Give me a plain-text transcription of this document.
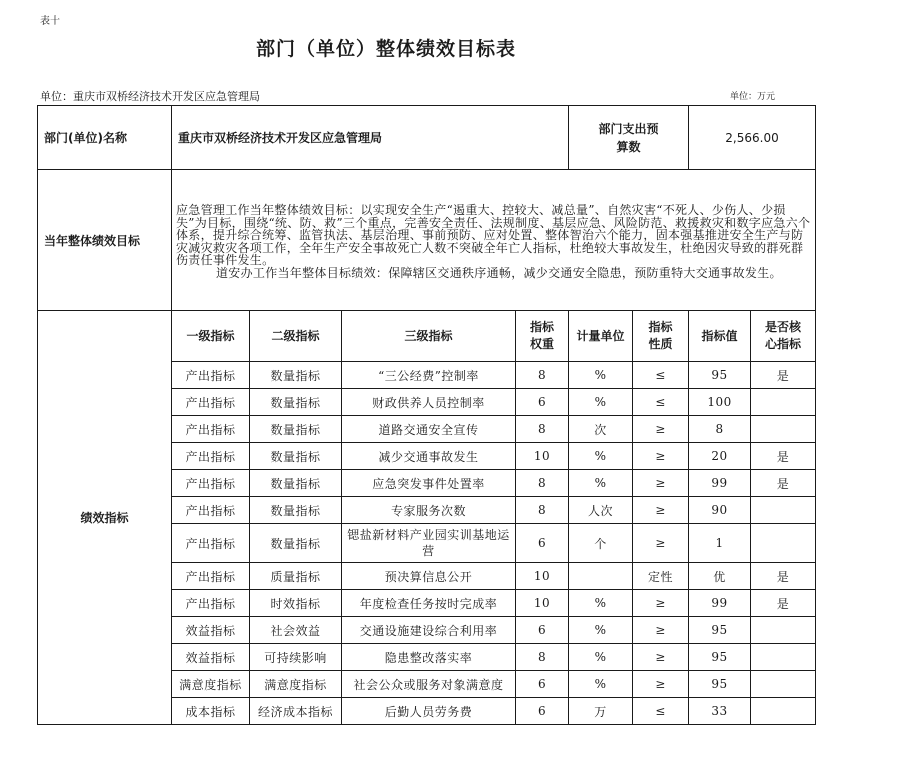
表十
部门（单位）整体绩效目标表
单位：重庆市双桥经济技术开发区应急管理局	单位：万元
部门(单位)名称	重庆市双桥经济技术开发区应急管理局				部门支出预算数		2,566.00	
当年整体绩效目标	应急管理工作当年整体绩效目标：以实现安全生产“遏重大、控较大、减总量”、自然灾害“不死人、少伤人、少损失”为目标，围绕“统、防、救”三个重点，完善安全责任、法规制度、基层应急、风险防范、救援救灾和数字应急六个体系，提升综合统筹、监管执法、基层治理、事前预防、应对处置、整体智治六个能力，固本强基推进安全生产与防灾减灾救灾各项工作，全年生产安全事故死亡人数不突破全年亡人指标，杜绝较大事故发生，杜绝因灾导致的群死群伤责任事件发生。

道安办工作当年整体目标绩效：保障辖区交通秩序通畅，减少交通安全隐患，预防重特大交通事故发生。							

绩效指标	一级指标	二级指标	三级指标	指标权重	计量单位	指标性质	指标值	是否核心指标
	产出指标	数量指标	“三公经费”控制率	8	%	≤	95	是
	产出指标	数量指标	财政供养人员控制率	6	%	≤	100	
	产出指标	数量指标	道路交通安全宣传	8	次	≥	8	
	产出指标	数量指标	减少交通事故发生	10	%	≥	20	是
	产出指标	数量指标	应急突发事件处置率	8	%	≥	99	是
	产出指标	数量指标	专家服务次数	8	人次	≥	90	
	产出指标	数量指标	锶盐新材料产业园实训基地运营	6	个	≥	1	
	产出指标	质量指标	预决算信息公开	10		定性	优	是
	产出指标	时效指标	年度检查任务按时完成率	10	%	≥	99	是
	效益指标	社会效益	交通设施建设综合利用率	6	%	≥	95	
	效益指标	可持续影响	隐患整改落实率	8	%	≥	95	
	满意度指标	满意度指标	社会公众或服务对象满意度	6	%	≥	95	
	成本指标	经济成本指标	后勤人员劳务费	6	万	≤	33	
